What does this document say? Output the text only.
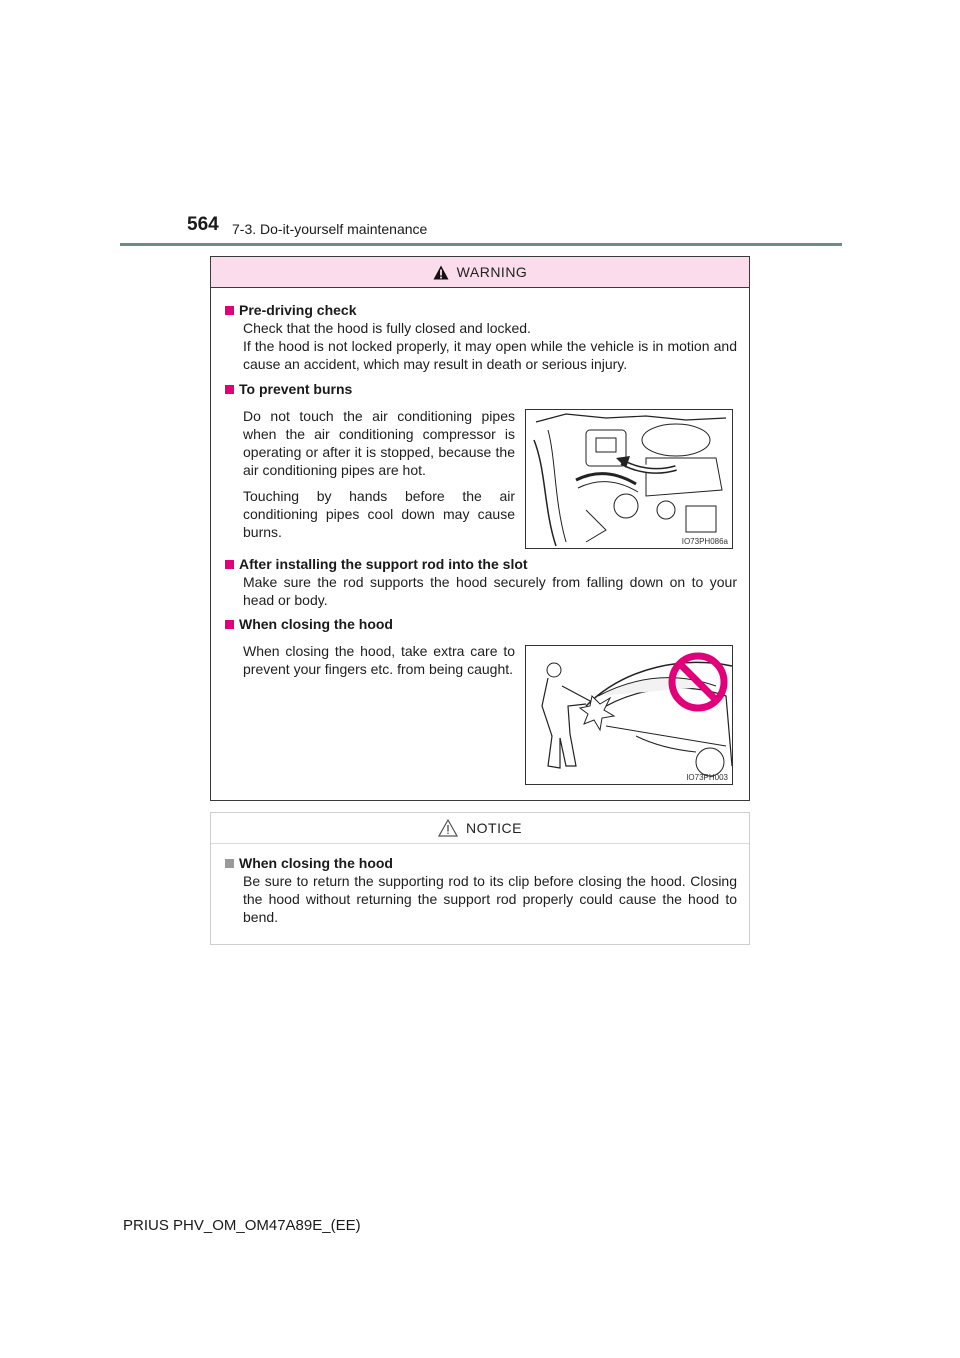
564 7-3. Do-it-yourself maintenance
WARNING
Pre-driving check

Check that the hood is fully closed and locked.

If the hood is not locked properly, it may open while the vehicle is in motion and cause an accident, which may result in death or serious injury.

To prevent burns

Do not touch the air conditioning pipes when the air conditioning compressor is operating or after it is stopped, because the air conditioning pipes are hot.

Touching by hands before the air conditioning pipes cool down may cause burns.

IO73PH086a
After installing the support rod into the slot

Make sure the rod supports the hood securely from falling down on to your head or body.

When closing the hood

When closing the hood, take extra care to prevent your fingers etc. from being caught.

IO73PH003
NOTICE
When closing the hood

Be sure to return the supporting rod to its clip before closing the hood. Closing the hood without returning the support rod properly could cause the hood to bend.

PRIUS PHV_OM_OM47A89E_(EE)
